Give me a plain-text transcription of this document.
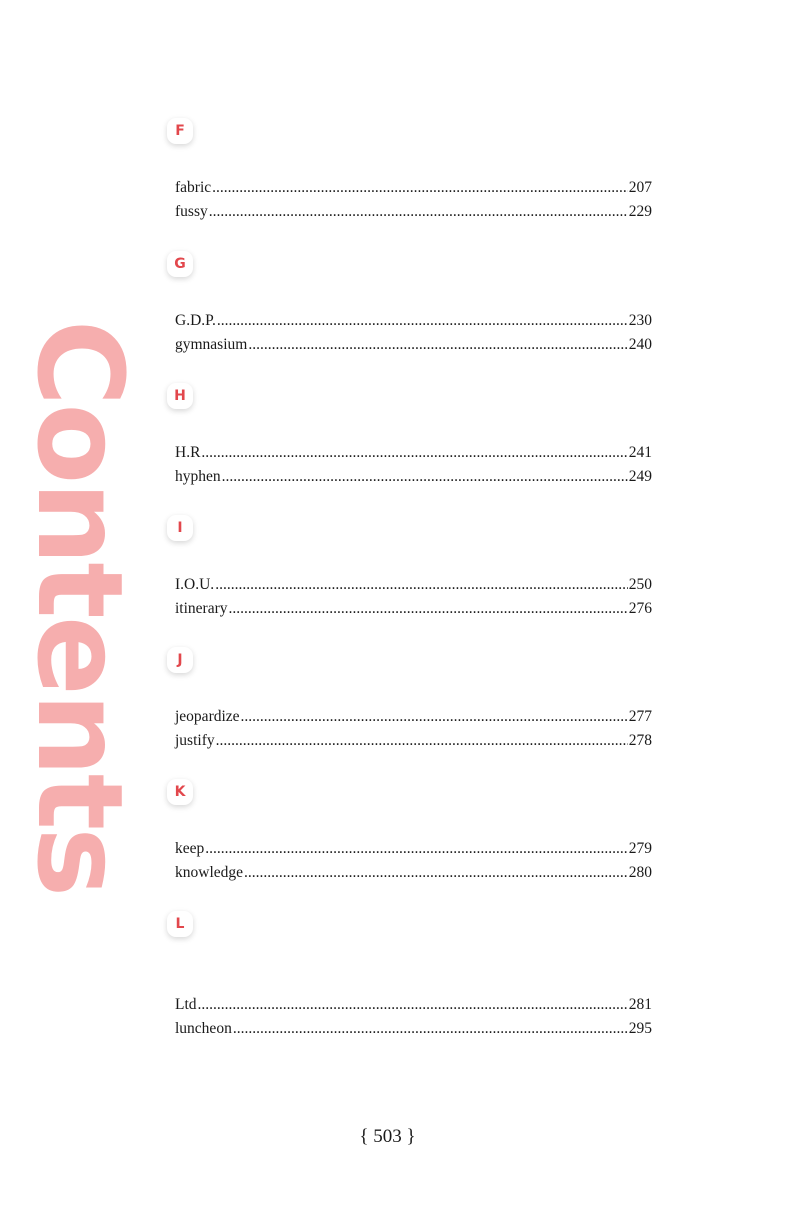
Contents
F
fabric .....	207
fussy .....	229
G
G.D.P. .....	230
gymnasium .....	240
H
H.R .....	241
hyphen .....	249
I
I.O.U. .....	250
itinerary .....	276
J
jeopardize .....	277
justify .....	278
K
keep .....	279
knowledge .....	280
L
Ltd .....	281
luncheon .....	295
{ 503 }
